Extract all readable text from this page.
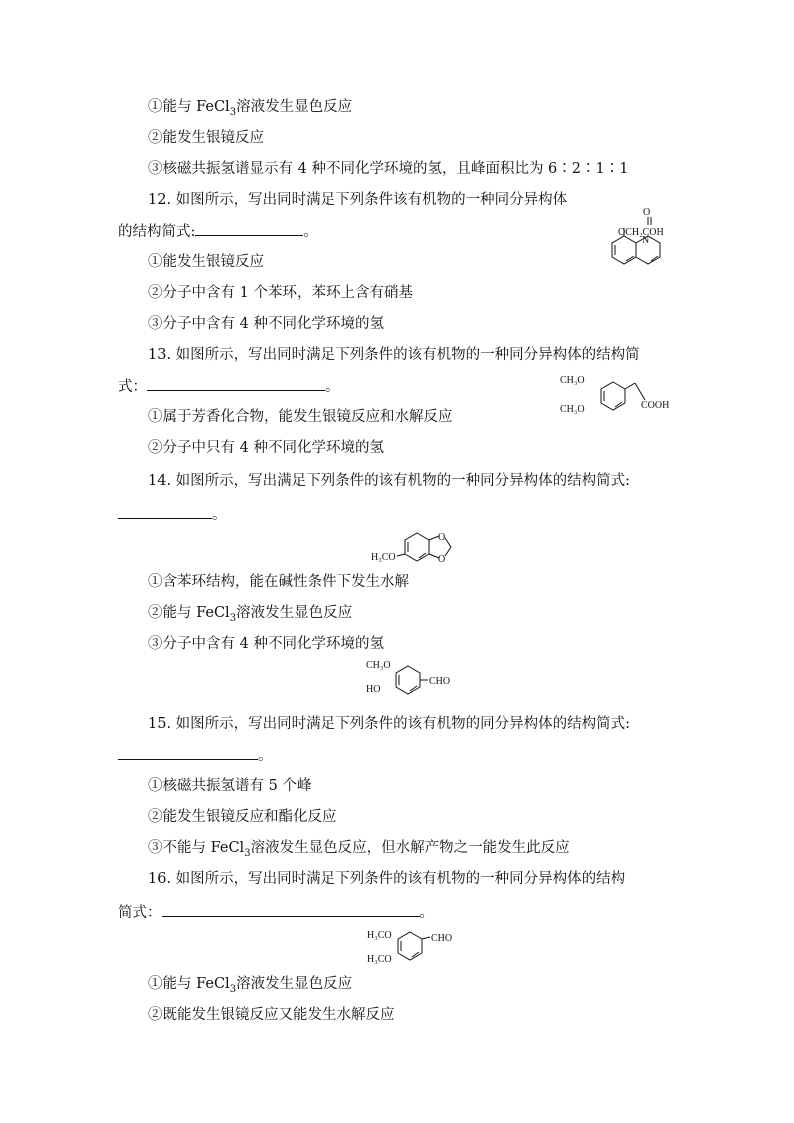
①能与 FeCl$_3$溶液发生显色反应
②能发生银镜反应
③核磁共振氢谱显示有 4 种不同化学环境的氢，且峰面积比为 6∶2∶1∶1
12. 如图所示，写出同时满足下列条件该有机物的一种同分异构体
的结构简式:	。
①能发生银镜反应
②分子中含有 1 个苯环，苯环上含有硝基
③分子中含有 4 种不同化学环境的氢
O
OCH₂COH
N
13. 如图所示，写出同时满足下列条件的该有机物的一种同分异构体的结构简
式：	。
①属于芳香化合物，能发生银镜反应和水解反应
②分子中只有 4 种不同化学环境的氢
CH₃O
CH₃O	COOH
14. 如图所示，写出满足下列条件的该有机物的一种同分异构体的结构简式:
。
H₃CO
O
O
①含苯环结构，能在碱性条件下发生水解
②能与 FeCl$_3$溶液发生显色反应
③分子中含有 4 种不同化学环境的氢
CH₃O
HO
CHO
15. 如图所示，写出同时满足下列条件的该有机物的同分异构体的结构简式:
。
①核磁共振氢谱有 5 个峰
②能发生银镜反应和酯化反应
③不能与 FeCl$_3$溶液发生显色反应，但水解产物之一能发生此反应
16. 如图所示，写出同时满足下列条件的该有机物的一种同分异构体的结构
简式：	。
H₃CO
H₃CO
CHO
①能与 FeCl$_3$溶液发生显色反应
②既能发生银镜反应又能发生水解反应
